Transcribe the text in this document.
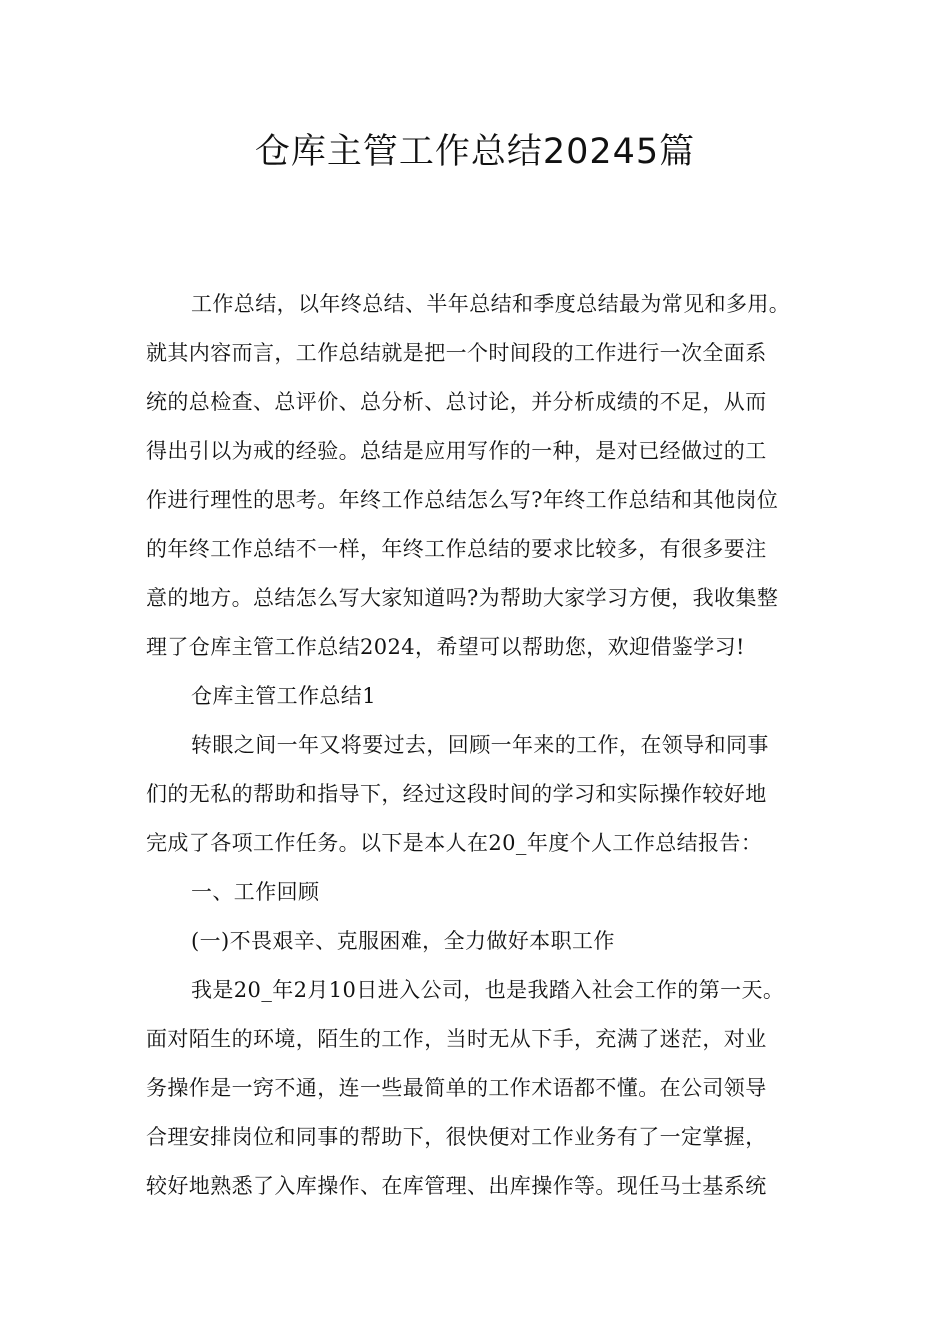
仓库主管工作总结20245篇
工作总结，以年终总结、半年总结和季度总结最为常见和多用。
就其内容而言，工作总结就是把一个时间段的工作进行一次全面系
统的总检查、总评价、总分析、总讨论，并分析成绩的不足，从而
得出引以为戒的经验。总结是应用写作的一种，是对已经做过的工
作进行理性的思考。年终工作总结怎么写?年终工作总结和其他岗位
的年终工作总结不一样，年终工作总结的要求比较多，有很多要注
意的地方。总结怎么写大家知道吗?为帮助大家学习方便，我收集整
理了仓库主管工作总结2024，希望可以帮助您，欢迎借鉴学习!
仓库主管工作总结1
转眼之间一年又将要过去，回顾一年来的工作，在领导和同事
们的无私的帮助和指导下，经过这段时间的学习和实际操作较好地
完成了各项工作任务。以下是本人在20_年度个人工作总结报告：
一、工作回顾
(一)不畏艰辛、克服困难，全力做好本职工作
我是20_年2月10日进入公司，也是我踏入社会工作的第一天。
面对陌生的环境，陌生的工作，当时无从下手，充满了迷茫，对业
务操作是一窍不通，连一些最简单的工作术语都不懂。在公司领导
合理安排岗位和同事的帮助下，很快便对工作业务有了一定掌握，
较好地熟悉了入库操作、在库管理、出库操作等。现任马士基系统
